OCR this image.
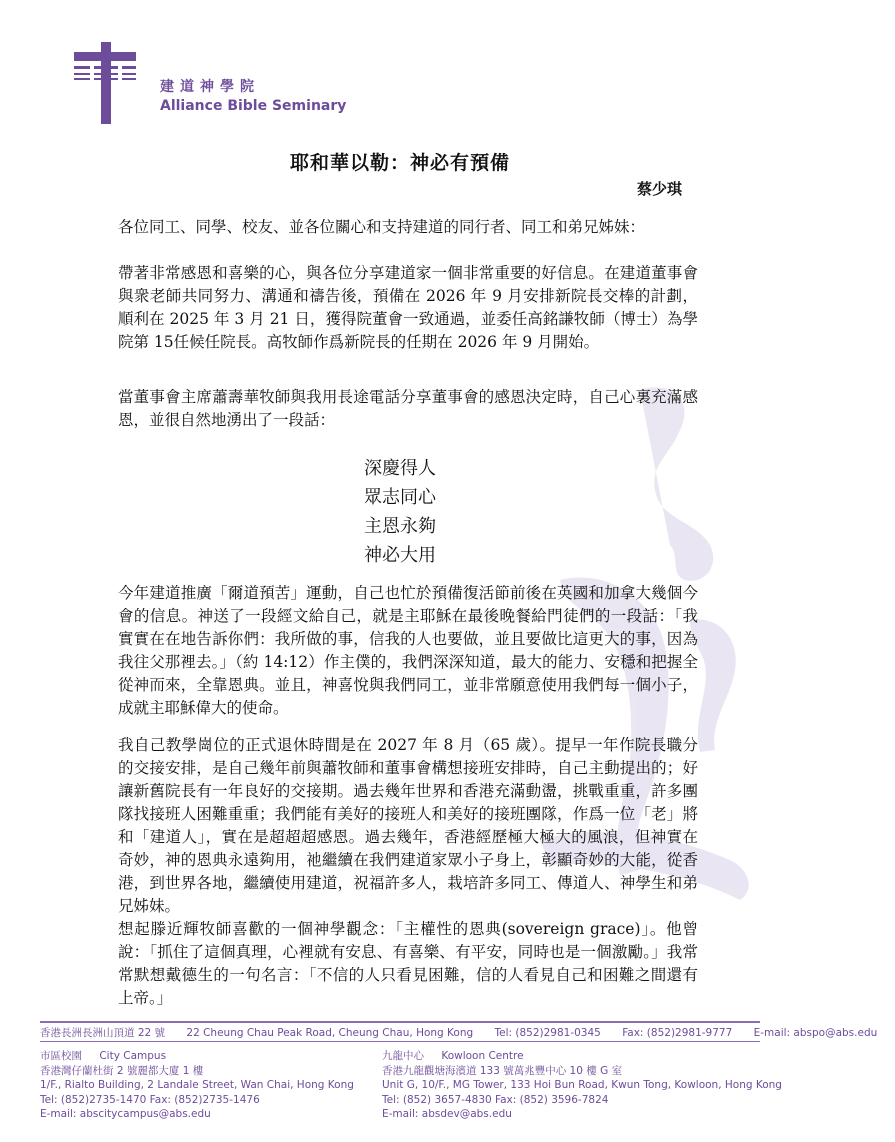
建道神學院
Alliance Bible Seminary
耶和華以勒：神必有預備
蔡少琪
各位同工、同學、校友、並各位關心和支持建道的同行者、同工和弟兄姊妹：
帶著非常感恩和喜樂的心，與各位分享建道家一個非常重要的好信息。在建道董事會與衆老師共同努力、溝通和禱告後，預備在 2026 年 9 月安排新院長交棒的計劃，順利在 2025 年 3 月 21 日，獲得院董會一致通過，並委任高銘謙牧師（博士）為學院第 15任候任院長。高牧師作爲新院長的任期在 2026 年 9 月開始。
當董事會主席蕭壽華牧師與我用長途電話分享董事會的感恩決定時，自己心裏充滿感恩，並很自然地湧出了一段話：
深慶得人
眾志同心
主恩永夠
神必大用
今年建道推廣「爾道預苦」運動，自己也忙於預備復活節前後在英國和加拿大幾個今會的信息。神送了一段經文給自己，就是主耶穌在最後晚餐給門徒們的一段話：「我實實在在地告訴你們：我所做的事，信我的人也要做，並且要做比這更大的事，因為我往父那裡去。」（約 14:12）作主僕的，我們深深知道，最大的能力、安穩和把握全從神而來，全靠恩典。並且，神喜悅與我們同工，並非常願意使用我們每一個小子，成就主耶穌偉大的使命。
我自己教學崗位的正式退休時間是在 2027 年 8 月（65 歲）。提早一年作院長職分的交接安排，是自己幾年前與蕭牧師和董事會構想接班安排時，自己主動提出的；好讓新舊院長有一年良好的交接期。過去幾年世界和香港充滿動盪，挑戰重重，許多團隊找接班人困難重重；我們能有美好的接班人和美好的接班團隊，作爲一位「老」將和「建道人」，實在是超超超感恩。過去幾年，香港經歷極大極大的風浪，但神實在奇妙，神的恩典永遠夠用，祂繼續在我們建道家眾小子身上，彰顯奇妙的大能，從香港，到世界各地，繼續使用建道，祝福許多人，栽培許多同工、傳道人、神學生和弟兄姊妹。
想起滕近輝牧師喜歡的一個神學觀念：「主權性的恩典(sovereign grace)」。他曾說：「抓住了這個真理，心裡就有安息、有喜樂、有平安，同時也是一個激勵。」我常常默想戴德生的一句名言：「不信的人只看見困難，信的人看見自己和困難之間還有上帝。」
香港長洲長洲山頂道 22 號 22 Cheung Chau Peak Road, Cheung Chau, Hong Kong Tel: (852)2981-0345 Fax: (852)2981-9777 E-mail: abspo@abs.edu
市區校園 City Campus
香港灣仔蘭杜街 2 號麗都大廈 1 樓
1/F., Rialto Building, 2 Landale Street, Wan Chai, Hong Kong
Tel: (852)2735-1470 Fax: (852)2735-1476
E-mail: abscitycampus@abs.edu
九龍中心 Kowloon Centre
香港九龍觀塘海濱道 133 號萬兆豐中心 10 樓 G 室
Unit G, 10/F., MG Tower, 133 Hoi Bun Road, Kwun Tong, Kowloon, Hong Kong
Tel: (852) 3657-4830 Fax: (852) 3596-7824
E-mail: absdev@abs.edu
